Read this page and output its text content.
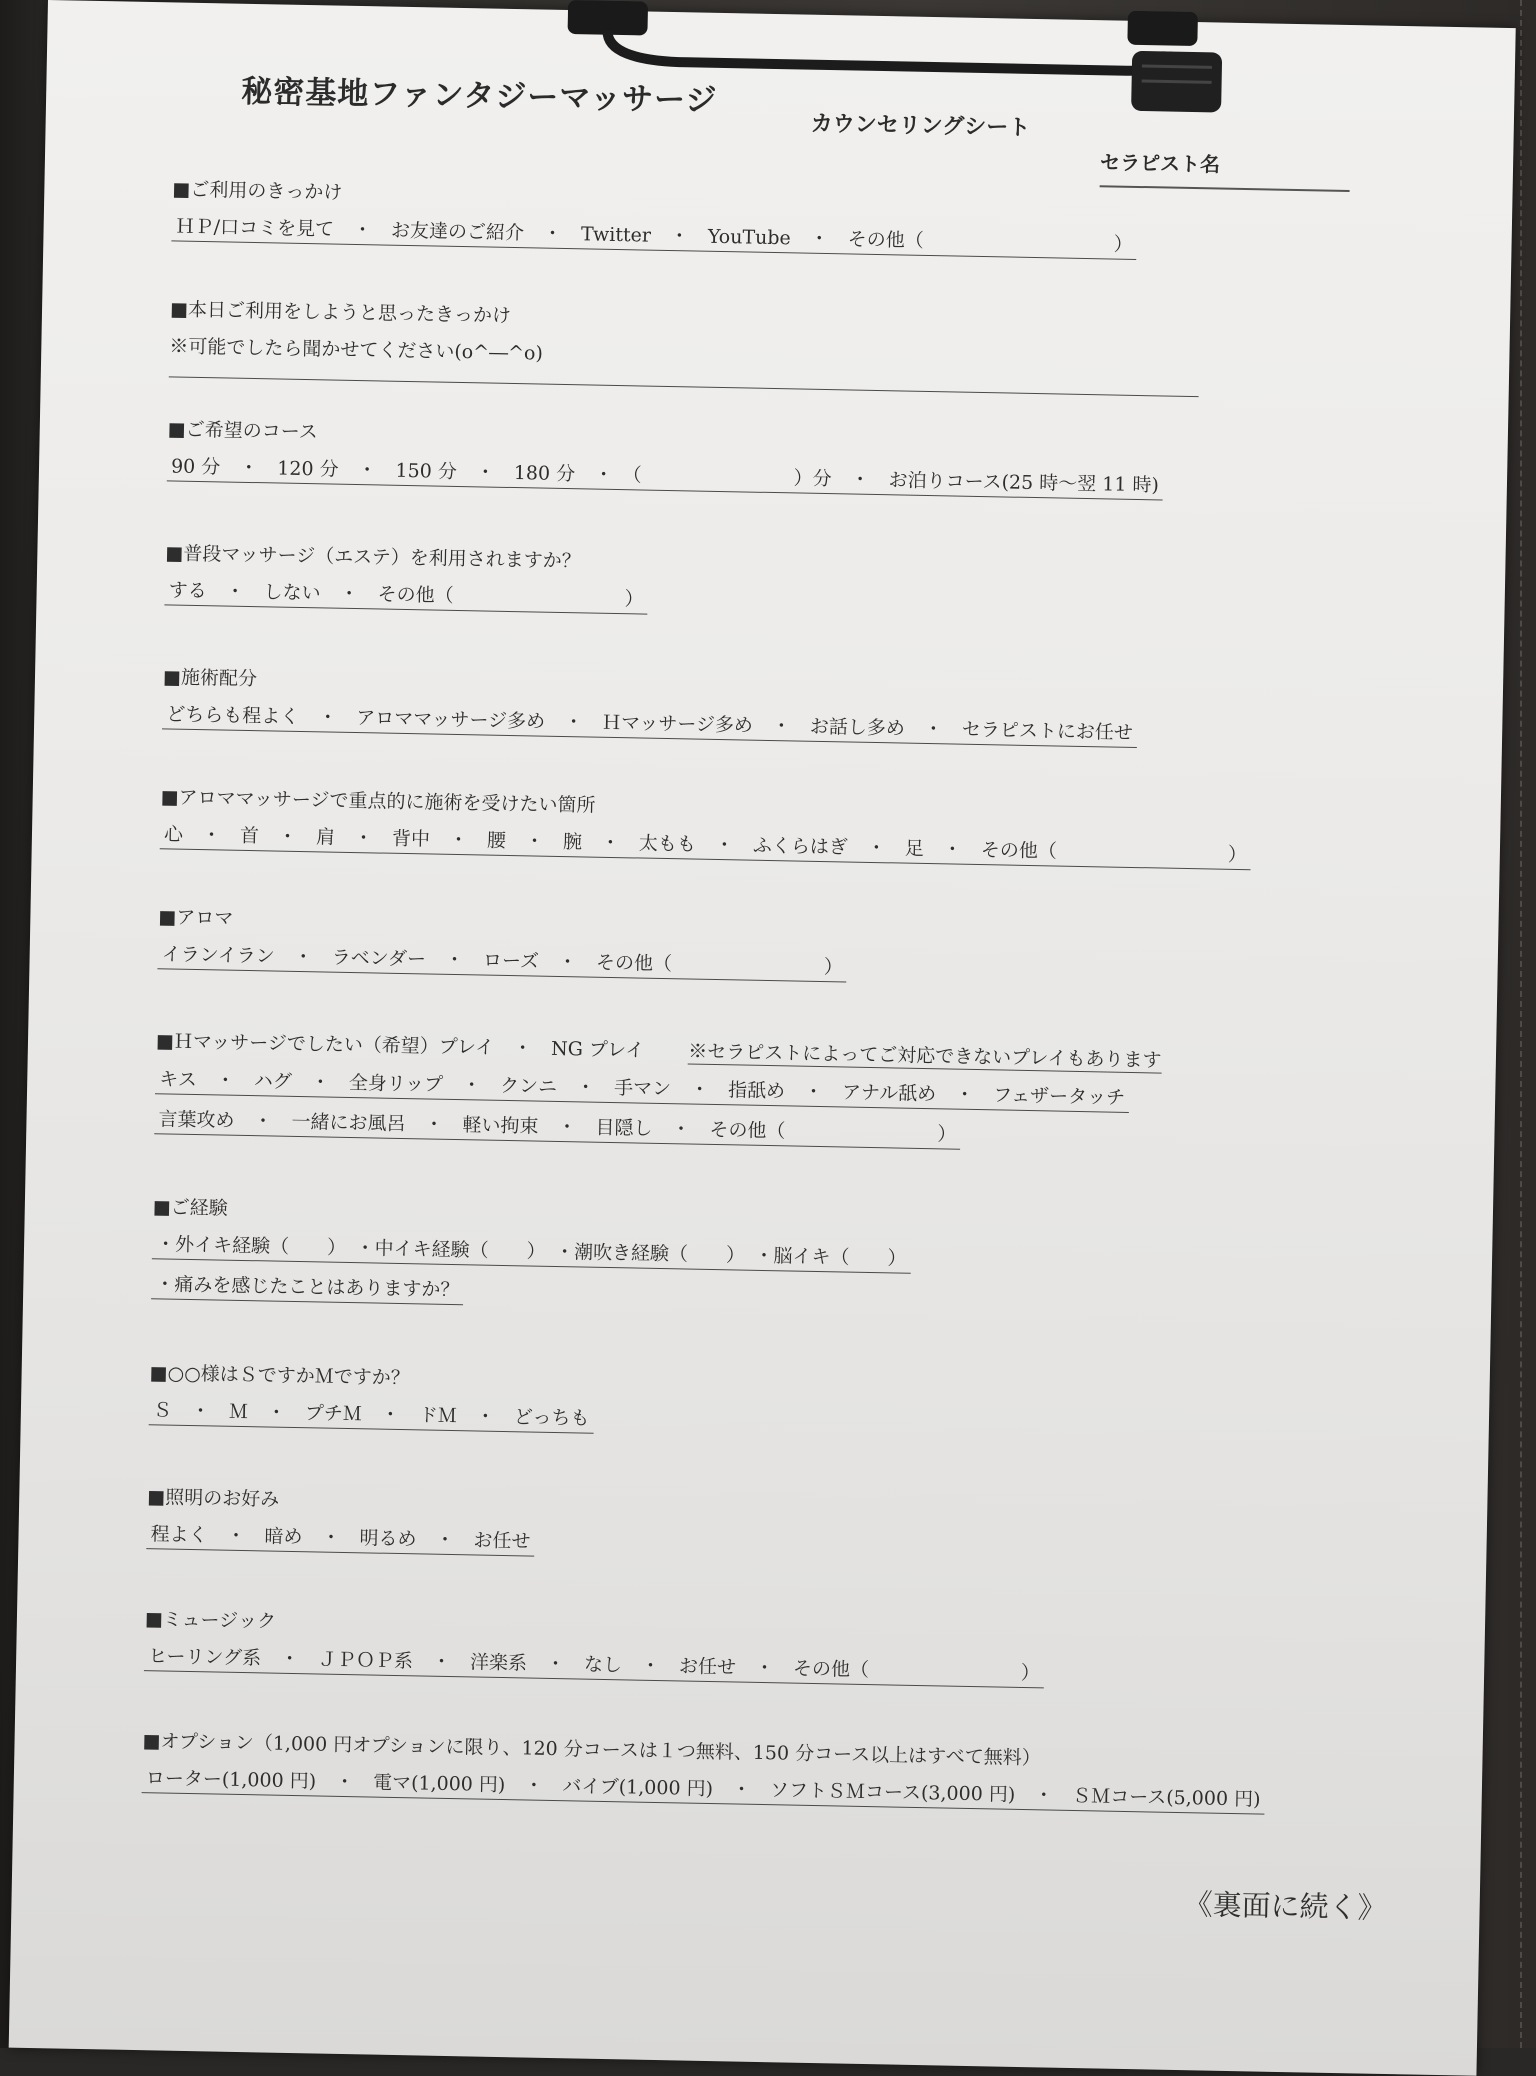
秘密基地ファンタジーマッサージ
カウンセリングシート
セラピスト名
■ご利用のきっかけ
ＨＰ/口コミを見て　・　お友達のご紹介　・　Twitter　・　YouTube　・　その他（　　　　　　　　　　）
■本日ご利用をしようと思ったきっかけ
※可能でしたら聞かせてください(o^―^o)
■ご希望のコース
90 分　・　120 分　・　150 分　・　180 分　・　（　　　　　　　　）分　・　お泊りコース(25 時～翌 11 時)
■普段マッサージ（エステ）を利用されますか？
する　・　しない　・　その他（　　　　　　　　　）
■施術配分
どちらも程よく　・　アロママッサージ多め　・　Ｈマッサージ多め　・　お話し多め　・　セラピストにお任せ
■アロママッサージで重点的に施術を受けたい箇所
心　・　首　・　肩　・　背中　・　腰　・　腕　・　太もも　・　ふくらはぎ　・　足　・　その他（　　　　　　　　　）
■アロマ
イランイラン　・　ラベンダー　・　ローズ　・　その他（　　　　　　　　）
■Ｈマッサージでしたい（希望）プレイ　・　NG プレイ ※セラピストによってご対応できないプレイもあります
キス　・　ハグ　・　全身リップ　・　クンニ　・　手マン　・　指舐め　・　アナル舐め　・　フェザータッチ
言葉攻め　・　一緒にお風呂　・　軽い拘束　・　目隠し　・　その他（　　　　　　　　）
■ご経験
・外イキ経験（　　）　・中イキ経験（　　）　・潮吹き経験（　　）　・脳イキ（　　）
・痛みを感じたことはありますか？
■○○様はＳですかＭですか？
Ｓ　・　Ｍ　・　プチＭ　・　ドＭ　・　どっちも
■照明のお好み
程よく　・　暗め　・　明るめ　・　お任せ
■ミュージック
ヒーリング系　・　ＪＰＯＰ系　・　洋楽系　・　なし　・　お任せ　・　その他（　　　　　　　　）
■オプション（1,000 円オプションに限り、120 分コースは１つ無料、150 分コース以上はすべて無料）
ローター(1,000 円)　・　電マ(1,000 円)　・　バイブ(1,000 円)　・　ソフトＳＭコース(3,000 円)　・　ＳＭコース(5,000 円)
《裏面に続く》
